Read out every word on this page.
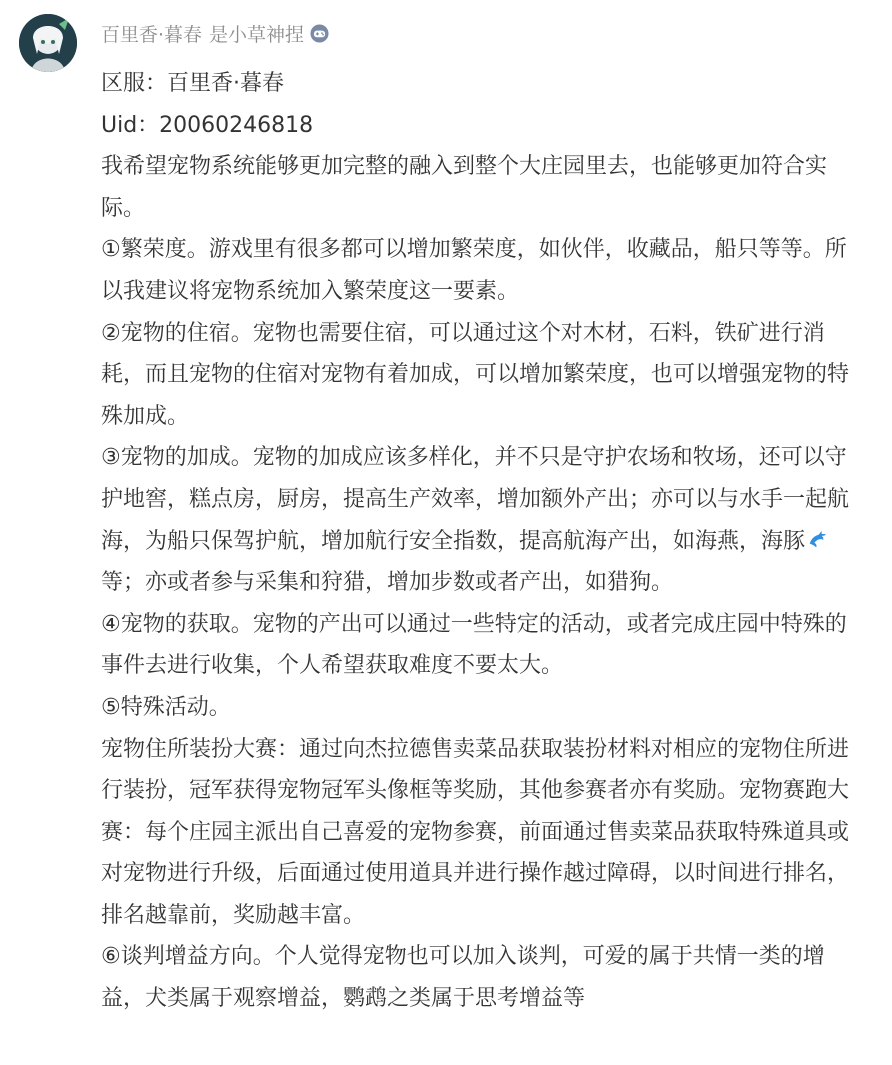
百里香·暮春 是小草神捏

区服：百里香·暮春

Uid：20060246818

我希望宠物系统能够更加完整的融入到整个大庄园里去，也能够更加符合实际。

①繁荣度。游戏里有很多都可以增加繁荣度，如伙伴，收藏品，船只等等。所以我建议将宠物系统加入繁荣度这一要素。

②宠物的住宿。宠物也需要住宿，可以通过这个对木材，石料，铁矿进行消耗，而且宠物的住宿对宠物有着加成，可以增加繁荣度，也可以增强宠物的特殊加成。

③宠物的加成。宠物的加成应该多样化，并不只是守护农场和牧场，还可以守护地窖，糕点房，厨房，提高生产效率，增加额外产出；亦可以与水手一起航海，为船只保驾护航，增加航行安全指数，提高航海产出，如海燕，海豚等；亦或者参与采集和狩猎，增加步数或者产出，如猎狗。

④宠物的获取。宠物的产出可以通过一些特定的活动，或者完成庄园中特殊的事件去进行收集，个人希望获取难度不要太大。

⑤特殊活动。

宠物住所装扮大赛：通过向杰拉德售卖菜品获取装扮材料对相应的宠物住所进行装扮，冠军获得宠物冠军头像框等奖励，其他参赛者亦有奖励。宠物赛跑大赛：每个庄园主派出自己喜爱的宠物参赛，前面通过售卖菜品获取特殊道具或对宠物进行升级，后面通过使用道具并进行操作越过障碍，以时间进行排名，排名越靠前，奖励越丰富。

⑥谈判增益方向。个人觉得宠物也可以加入谈判，可爱的属于共情一类的增益，犬类属于观察增益，鹦鹉之类属于思考增益等
